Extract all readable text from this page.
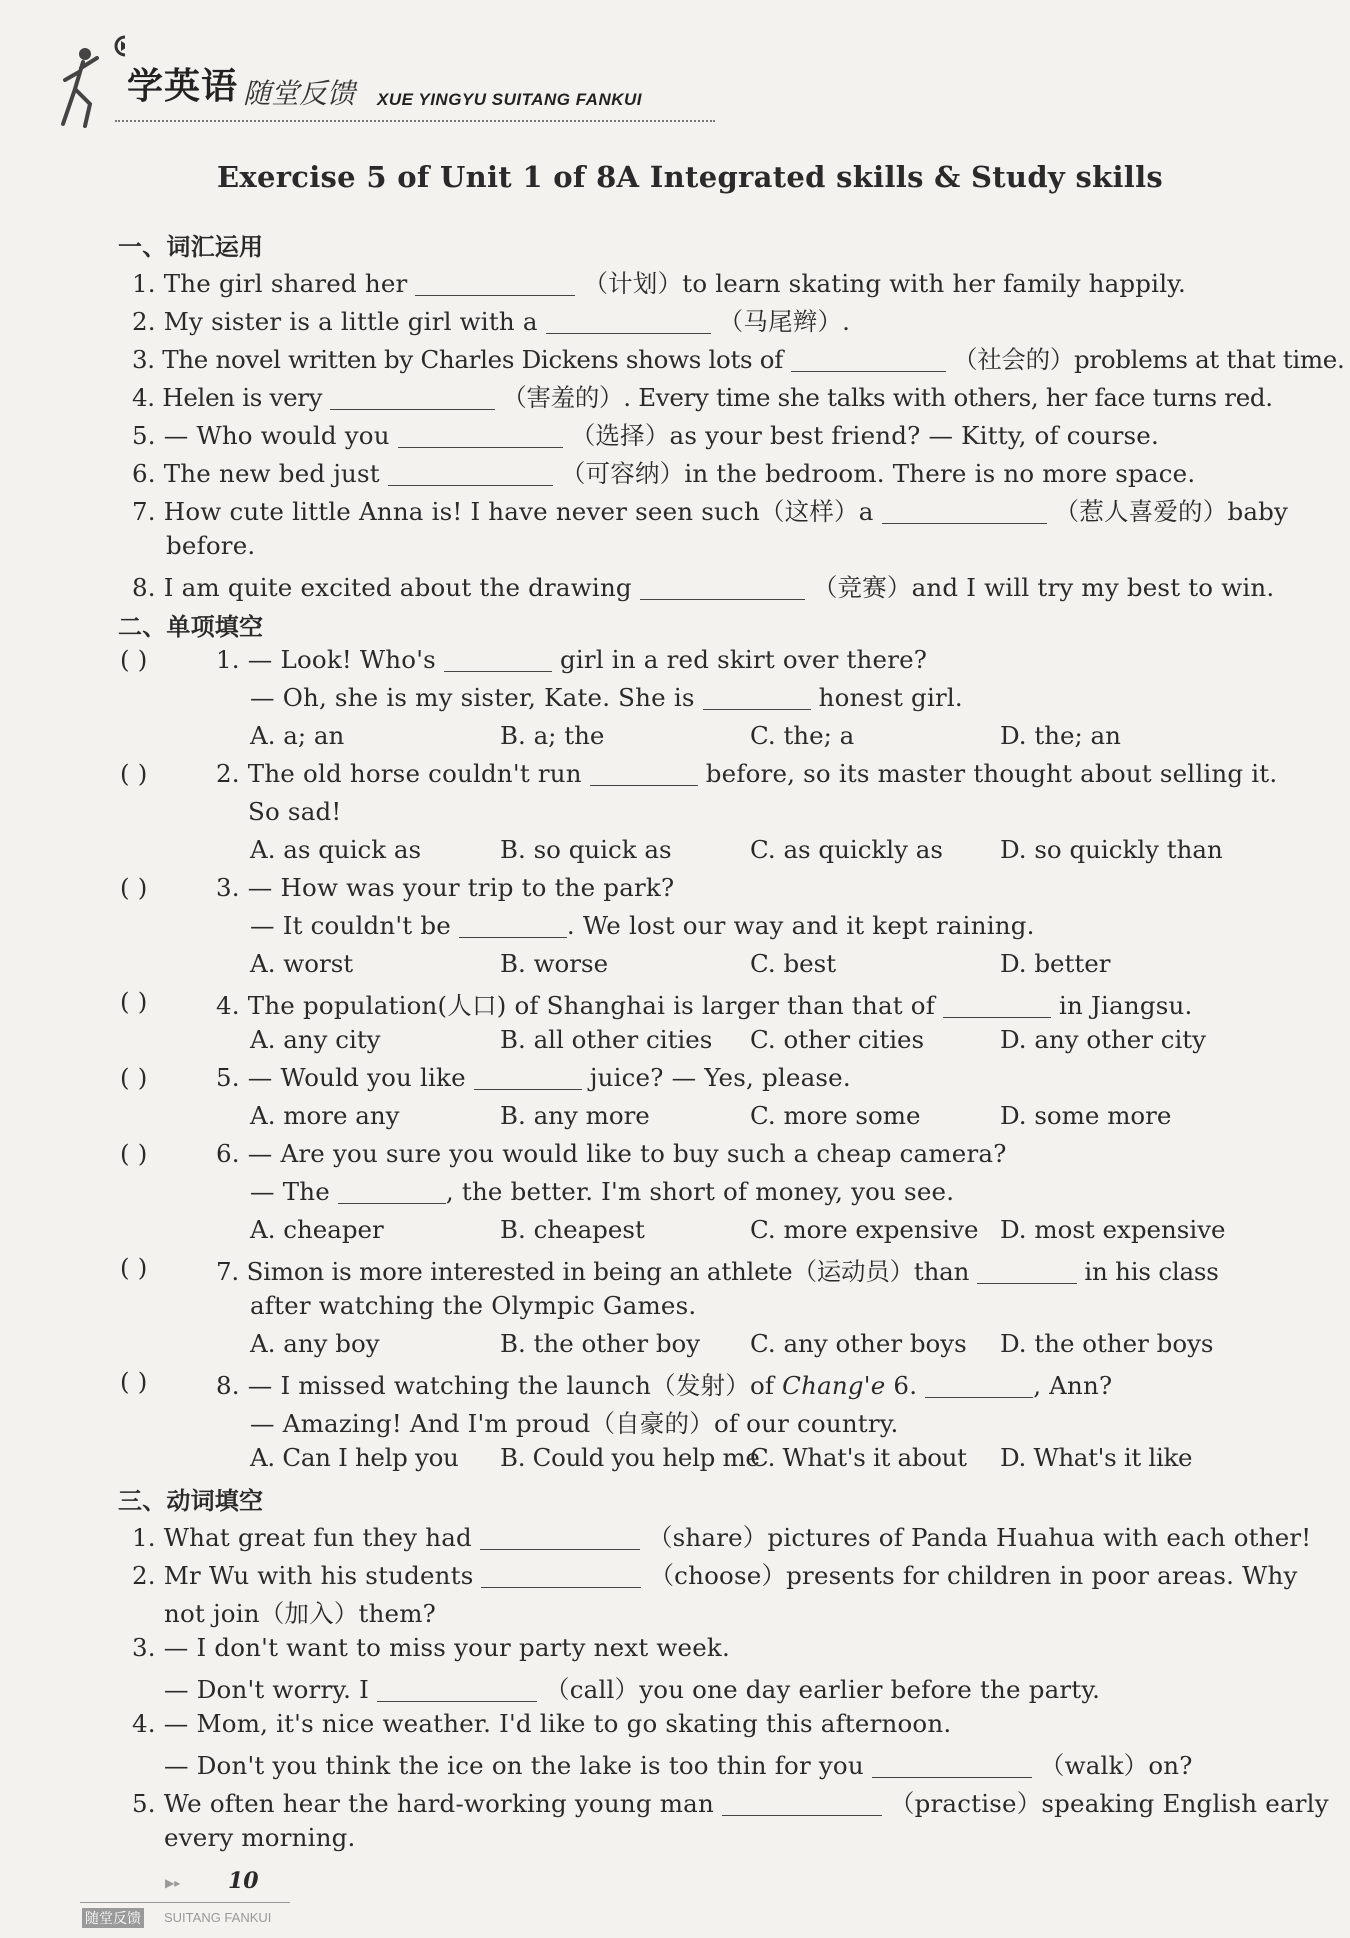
学英语 随堂反馈 XUE YINGYU SUITANG FANKUI
Exercise 5 of Unit 1 of 8A Integrated skills & Study skills
一、词汇运用
1. The girl shared her	（计划）to learn skating with her family happily.
2. My sister is a little girl with a	（马尾辫）.
3. The novel written by Charles Dickens shows lots of	（社会的）problems at that time.
4. Helen is very	（害羞的）. Every time she talks with others, her face turns red.
5. — Who would you	（选择）as your best friend? — Kitty, of course.
6. The new bed just	（可容纳）in the bedroom. There is no more space.
7. How cute little Anna is! I have never seen such（这样）a	（惹人喜爱的）baby
before.
8. I am quite excited about the drawing	（竞赛）and I will try my best to win.
二、单项填空
( )	1. — Look! Who's	girl in a red skirt over there?
— Oh, she is my sister, Kate. She is	honest girl.
A. a; an	B. a; the	C. the; a	D. the; an
( )	2. The old horse couldn't run	before, so its master thought about selling it.
So sad!
A. as quick as	B. so quick as	C. as quickly as D. so quickly than
( )	3. — How was your trip to the park?
— It couldn't be	. We lost our way and it kept raining.
A. worst	B. worse	C. best	D. better
( )	4. The population(人口) of Shanghai is larger than that of	in Jiangsu.
A. any city	B. all other cities C. other cities	D. any other city
( )	5. — Would you like	juice? — Yes, please.
A. more any	B. any more	C. more some	D. some more
( )	6. — Are you sure you would like to buy such a cheap camera?
— The	, the better. I'm short of money, you see.
A. cheaper	B. cheapest	C. more expensive D. most expensive
( )	7. Simon is more interested in being an athlete（运动员）than	in his class
after watching the Olympic Games.
A. any boy	B. the other boy C. any other boys D. the other boys
( )	8. — I missed watching the launch（发射）of Chang'e 6.	, Ann?
— Amazing! And I'm proud（自豪的）of our country.
A. Can I help you B. Could you help me
C. What's it about D. What's it like
三、动词填空
1. What great fun they had	（share）pictures of Panda Huahua with each other!
2. Mr Wu with his students	（choose）presents for children in poor areas. Why
not join（加入）them?
3. — I don't want to miss your party next week.
— Don't worry. I	（call）you one day earlier before the party.
4. — Mom, it's nice weather. I'd like to go skating this afternoon.
— Don't you think the ice on the lake is too thin for you	（walk）on?
5. We often hear the hard-working young man	（practise）speaking English early
every morning.
▶▸ 10
随堂反馈 SUITANG FANKUI
